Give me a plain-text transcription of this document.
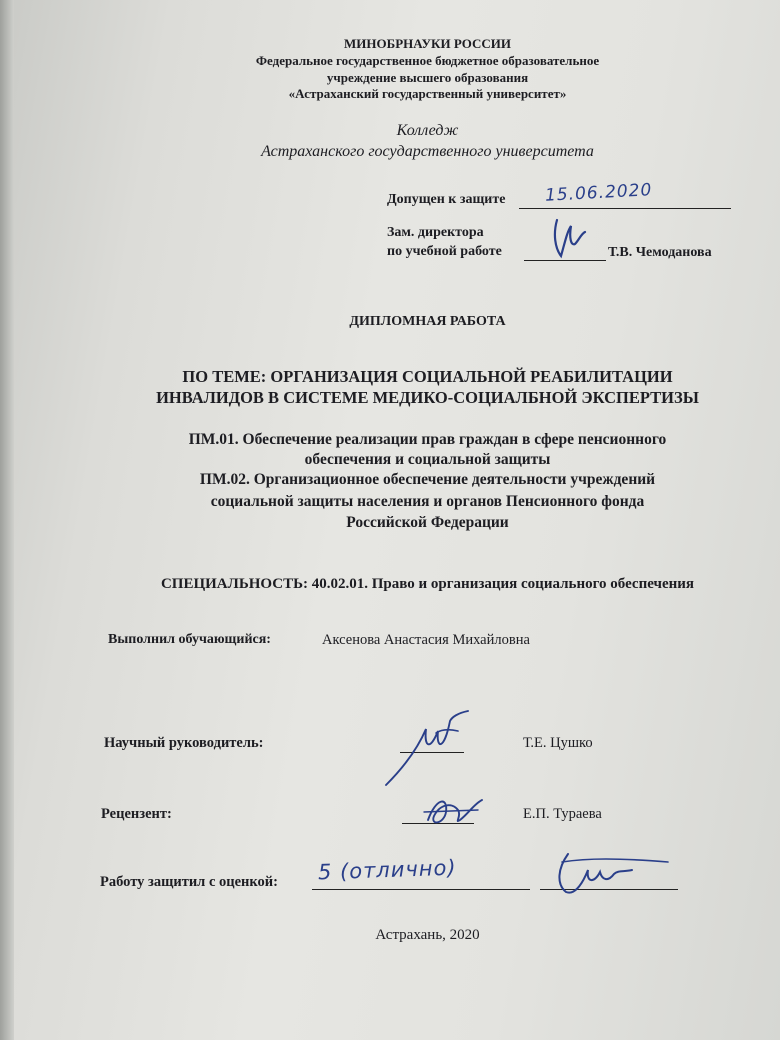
МИНОБРНАУКИ РОССИИ
Федеральное государственное бюджетное образовательное
учреждение высшего образования
«Астраханский государственный университет»
Колледж
Астраханского государственного университета
Допущен к защите 15.06.2020
Зам. директора
по учебной работе	Т.В. Чемоданова
ДИПЛОМНАЯ РАБОТА
ПО ТЕМЕ: ОРГАНИЗАЦИЯ СОЦИАЛЬНОЙ РЕАБИЛИТАЦИИ
ИНВАЛИДОВ В СИСТЕМЕ МЕДИКО-СОЦИАЛБНОЙ ЭКСПЕРТИЗЫ
ПМ.01. Обеспечение реализации прав граждан в сфере пенсионного
обеспечения и социальной защиты
ПМ.02. Организационное обеспечение деятельности учреждений
социальной защиты населения и органов Пенсионного фонда
Российской Федерации
СПЕЦИАЛЬНОСТЬ: 40.02.01. Право и организация социального обеспечения
Выполнил обучающийся:	Аксенова Анастасия Михайловна
Научный руководитель:	Т.Е. Цушко
Рецензент:	Е.П. Тураева
Работу защитил с оценкой: 5 (отлично)
Астрахань, 2020
